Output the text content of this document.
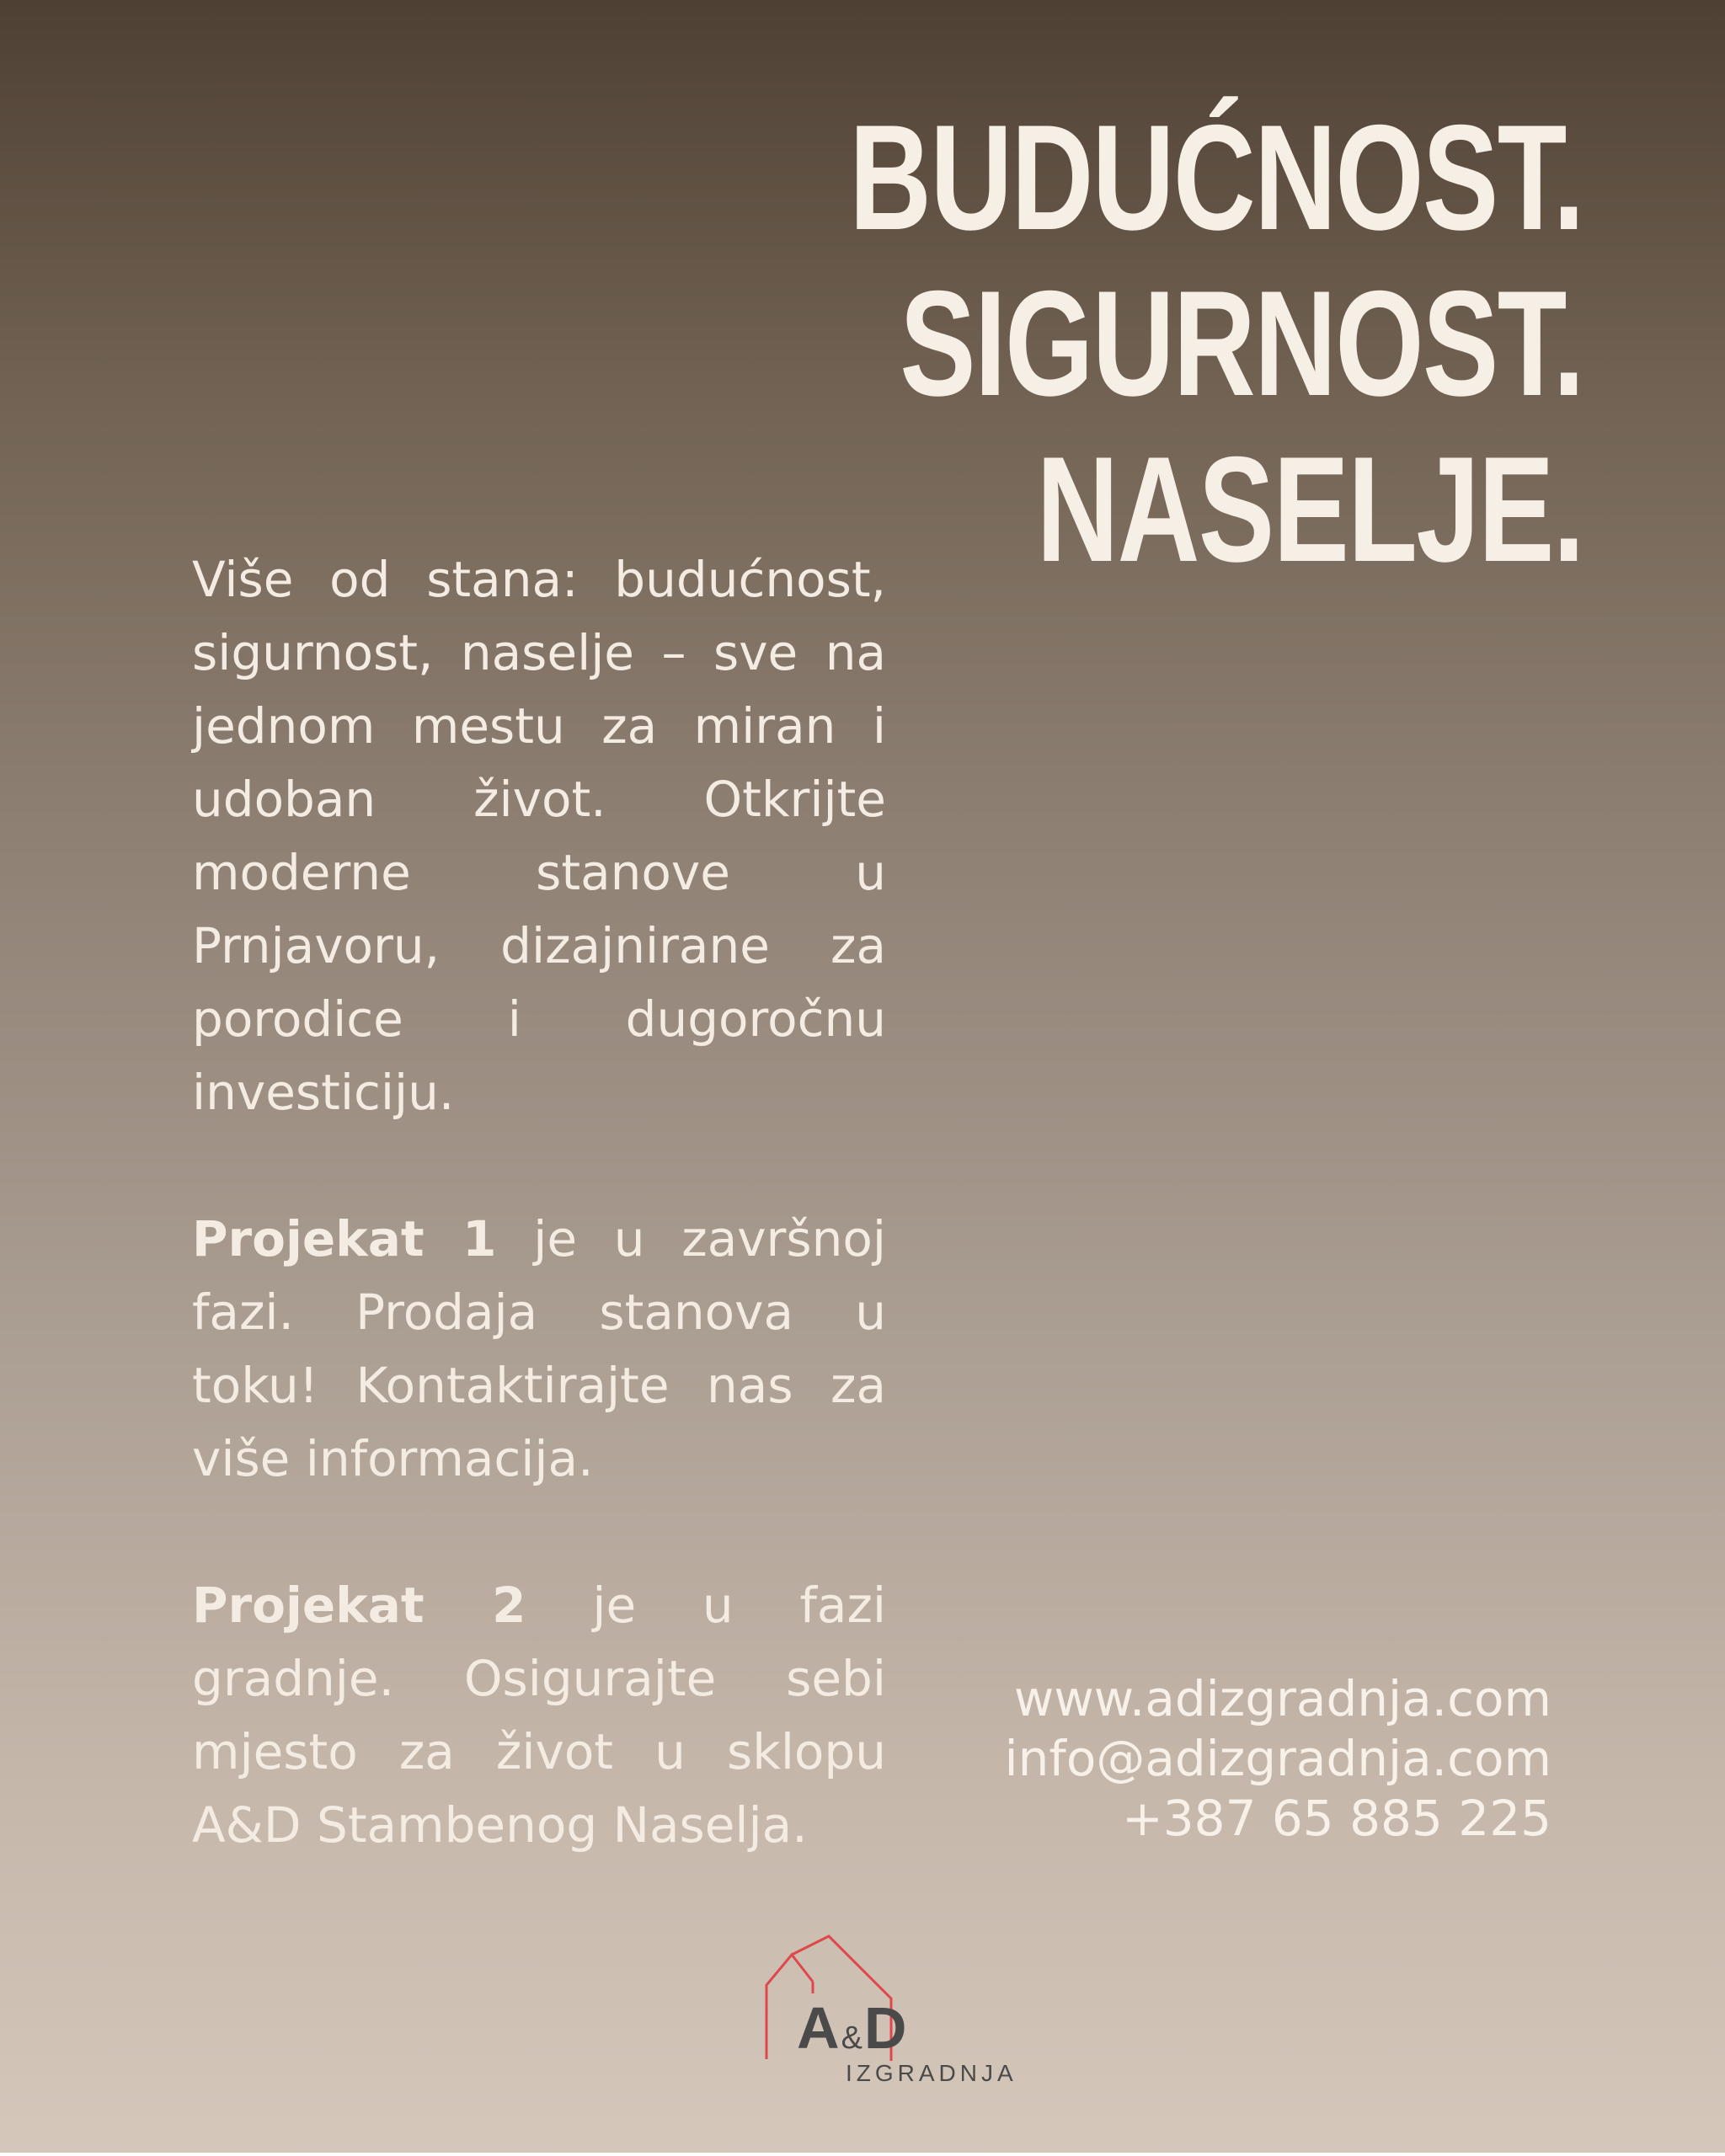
BUDUĆNOST.
SIGURNOST.
NASELJE.

Više od stana: budućnost, sigurnost, naselje – sve na jednom mestu za miran i udoban život. Otkrijte moderne stanove u Prnjavoru, dizajnirane za porodice i dugoročnu investiciju.

Projekat 1 je u završnoj fazi. Prodaja stanova u toku! Kontaktirajte nas za više informacija.

Projekat 2 je u fazi gradnje. Osigurajte sebi mjesto za život u sklopu A&D Stambenog Naselja.

www.adizgradnja.com
info@adizgradnja.com
+387 65 885 225
A&D
IZGRADNJA
